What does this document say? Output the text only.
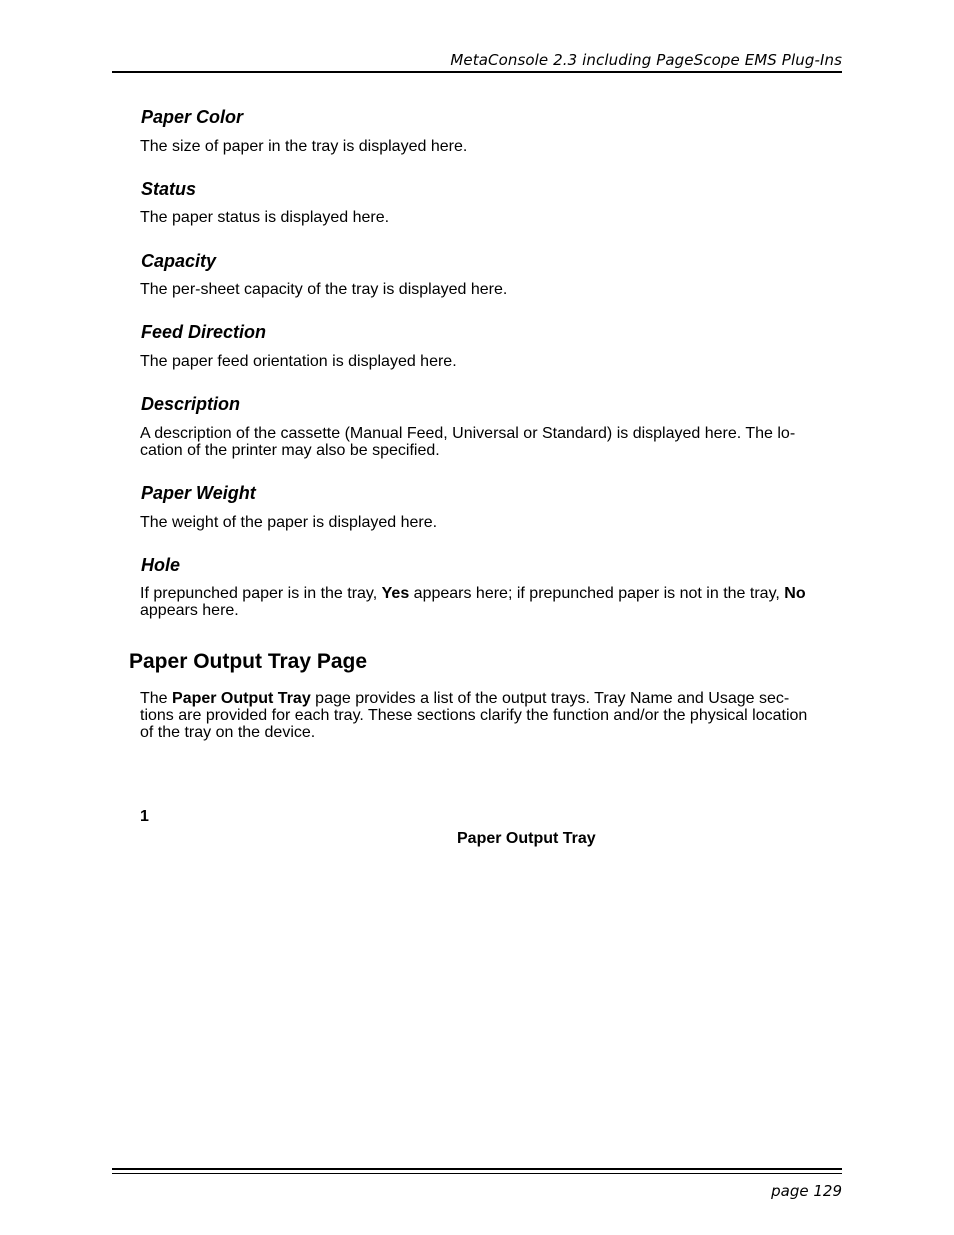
MetaConsole 2.3 including PageScope EMS Plug-Ins
Paper Color
The size of paper in the tray is displayed here.
Status
The paper status is displayed here.
Capacity
The per-sheet capacity of the tray is displayed here.
Feed Direction
The paper feed orientation is displayed here.
Description
A description of the cassette (Manual Feed, Universal or Standard) is displayed here. The lo-
cation of the printer may also be specified.
Paper Weight
The weight of the paper is displayed here.
Hole
If prepunched paper is in the tray, Yes appears here; if prepunched paper is not in the tray, No
appears here.
Paper Output Tray Page
The Paper Output Tray page provides a list of the output trays. Tray Name and Usage sec-
tions are provided for each tray. These sections clarify the function and/or the physical location
of the tray on the device.
1
Paper Output Tray
page 129
